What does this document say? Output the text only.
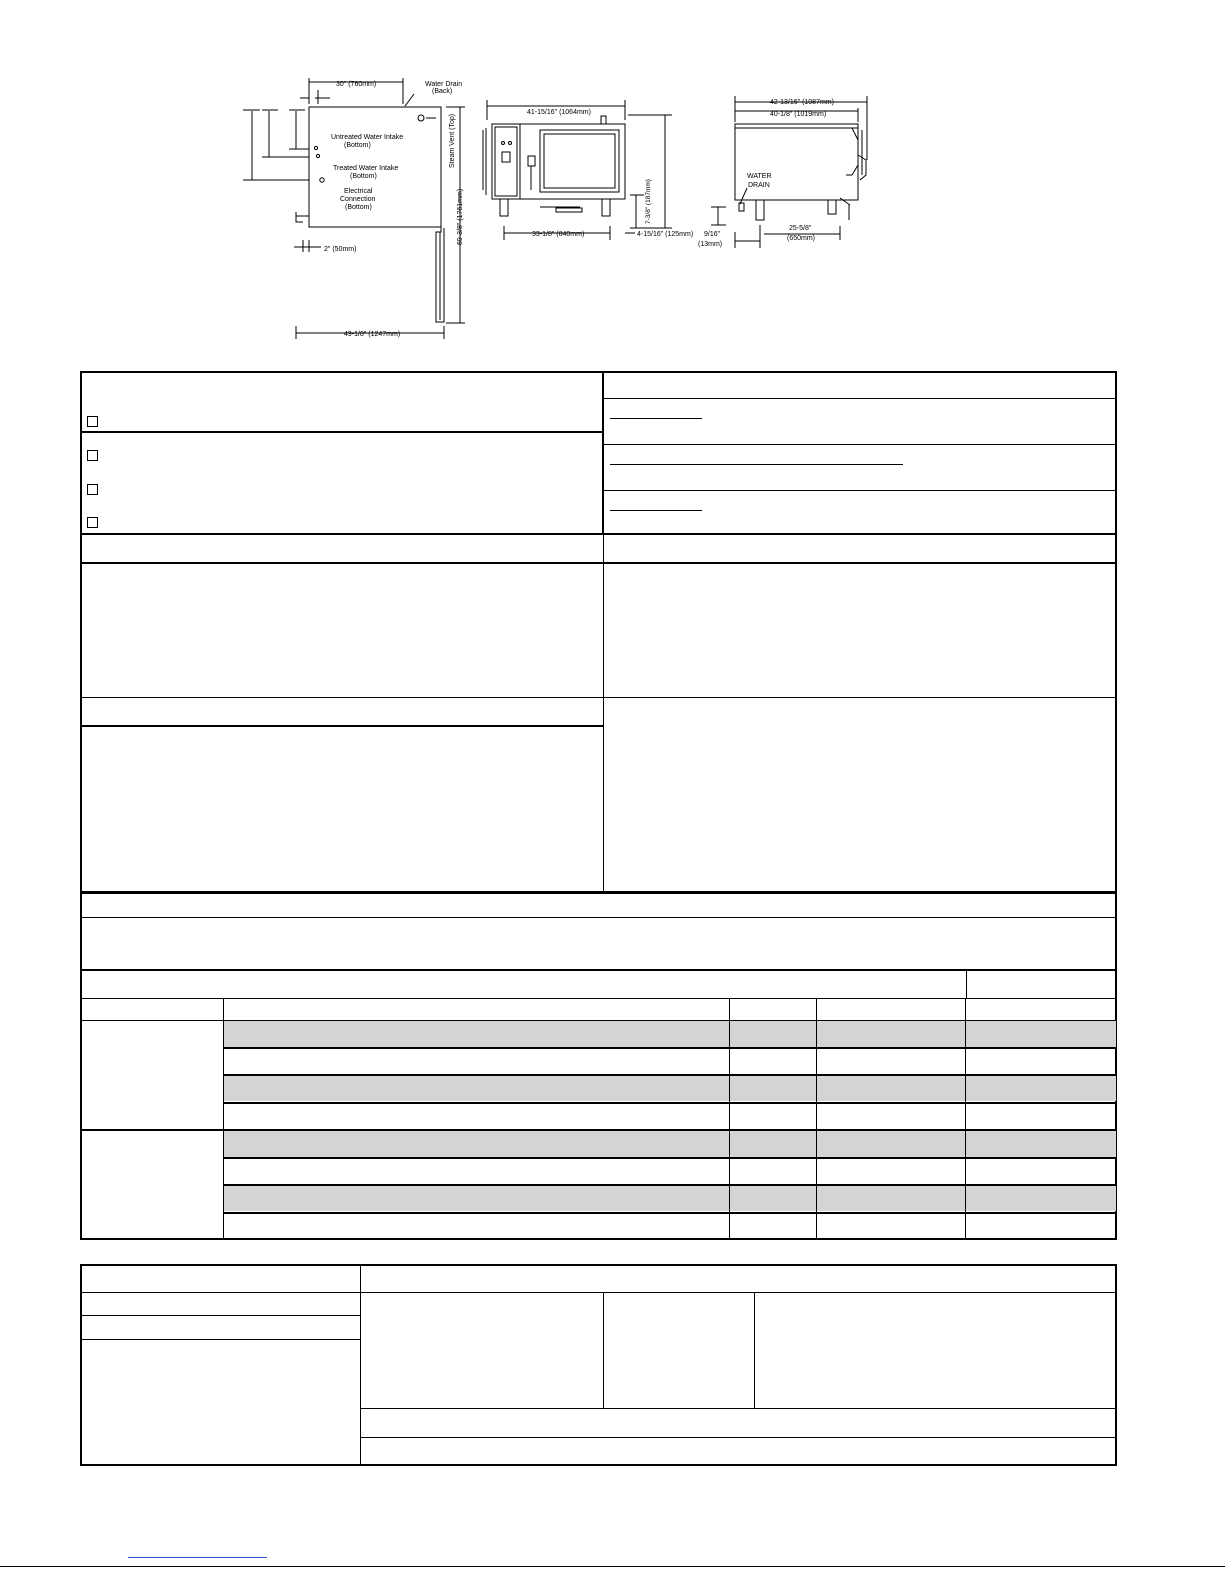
30" (760mm)	Water Drain
(Back)
Untreated Water Intake
(Bottom)
Treated Water Intake
(Bottom)
Electrical
Connection
(Bottom)
Steam Vent (Top)
69-3/8" (1761mm)
2" (50mm)
49-1/8" (1247mm)
41-15/16" (1064mm)
33-1/8" (840mm)	4-15/16" (125mm)
7-3/8" (187mm)
42-13/16" (1087mm)
40-1/8" (1019mm)
WATER
DRAIN
9/16"
(13mm)
25-5/8"
(650mm)
